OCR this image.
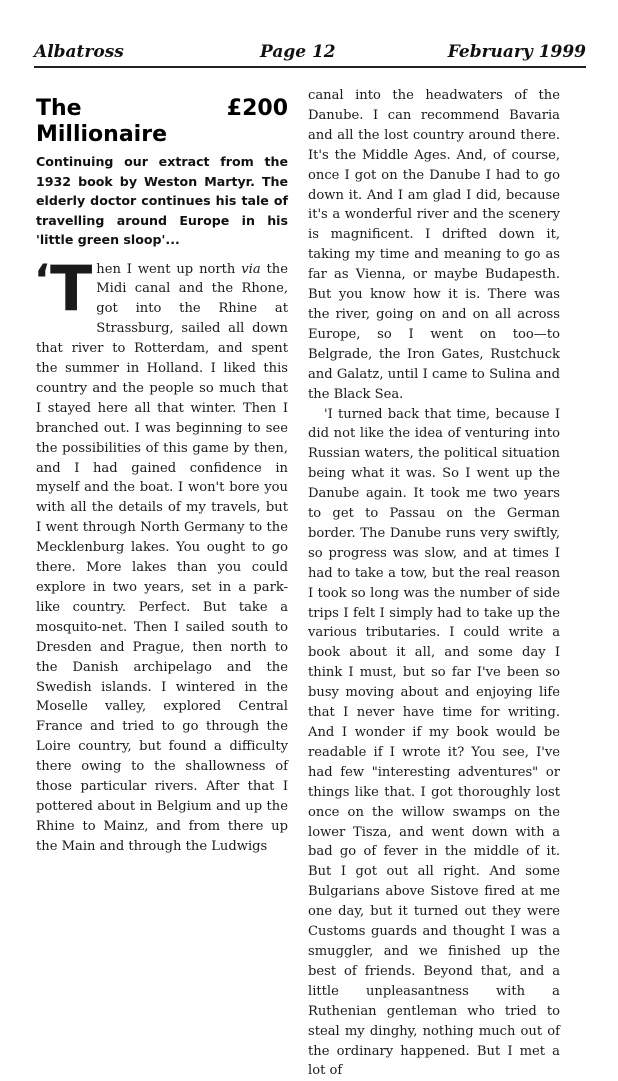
Albatross	Page 12	February 1999
The £200 Millionaire

Continuing our extract from the 1932 book by Weston Martyr. The elderly doctor continues his tale of travelling around Europe in his 'little green sloop'...

‘ T hen I went up north via the Midi canal and the Rhone, got into the Rhine at Strassburg, sailed all down that river to Rotterdam, and spent the summer in Holland. I liked this country and the people so much that I stayed here all that winter. Then I branched out. I was beginning to see the possibilities of this game by then, and I had gained confidence in myself and the boat. I won't bore you with all the details of my travels, but I went through North Germany to the Mecklenburg lakes. You ought to go there. More lakes than you could explore in two years, set in a park-like country. Perfect. But take a mosquito-net. Then I sailed south to Dresden and Prague, then north to the Danish archipelago and the Swedish islands. I wintered in the Moselle valley, explored Central France and tried to go through the Loire country, but found a difficulty there owing to the shallowness of those particular rivers. After that I pottered about in Belgium and up the Rhine to Mainz, and from there up the Main and through the Ludwigs

canal into the headwaters of the Danube. I can recommend Bavaria and all the lost country around there. It's the Middle Ages. And, of course, once I got on the Danube I had to go down it. And I am glad I did, because it's a wonderful river and the scenery is magnificent. I drifted down it, taking my time and meaning to go as far as Vienna, or maybe Budapesth. But you know how it is. There was the river, going on and on all across Europe, so I went on too—to Belgrade, the Iron Gates, Rustchuck and Galatz, until I came to Sulina and the Black Sea.

'I turned back that time, because I did not like the idea of venturing into Russian waters, the political situation being what it was. So I went up the Danube again. It took me two years to get to Passau on the German border. The Danube runs very swiftly, so progress was slow, and at times I had to take a tow, but the real reason I took so long was the number of side trips I felt I simply had to take up the various tributaries. I could write a book about it all, and some day I think I must, but so far I've been so busy moving about and enjoying life that I never have time for writing. And I wonder if my book would be readable if I wrote it? You see, I've had few "interesting adventures" or things like that. I got thoroughly lost once on the willow swamps on the lower Tisza, and went down with a bad go of fever in the middle of it. But I got out all right. And some Bulgarians above Sistove fired at me one day, but it turned out they were Customs guards and thought I was a smuggler, and we finished up the best of friends. Beyond that, and a little unpleasantness with a Ruthenian gentleman who tried to steal my dinghy, nothing much out of the ordinary happened. But I met a lot of
